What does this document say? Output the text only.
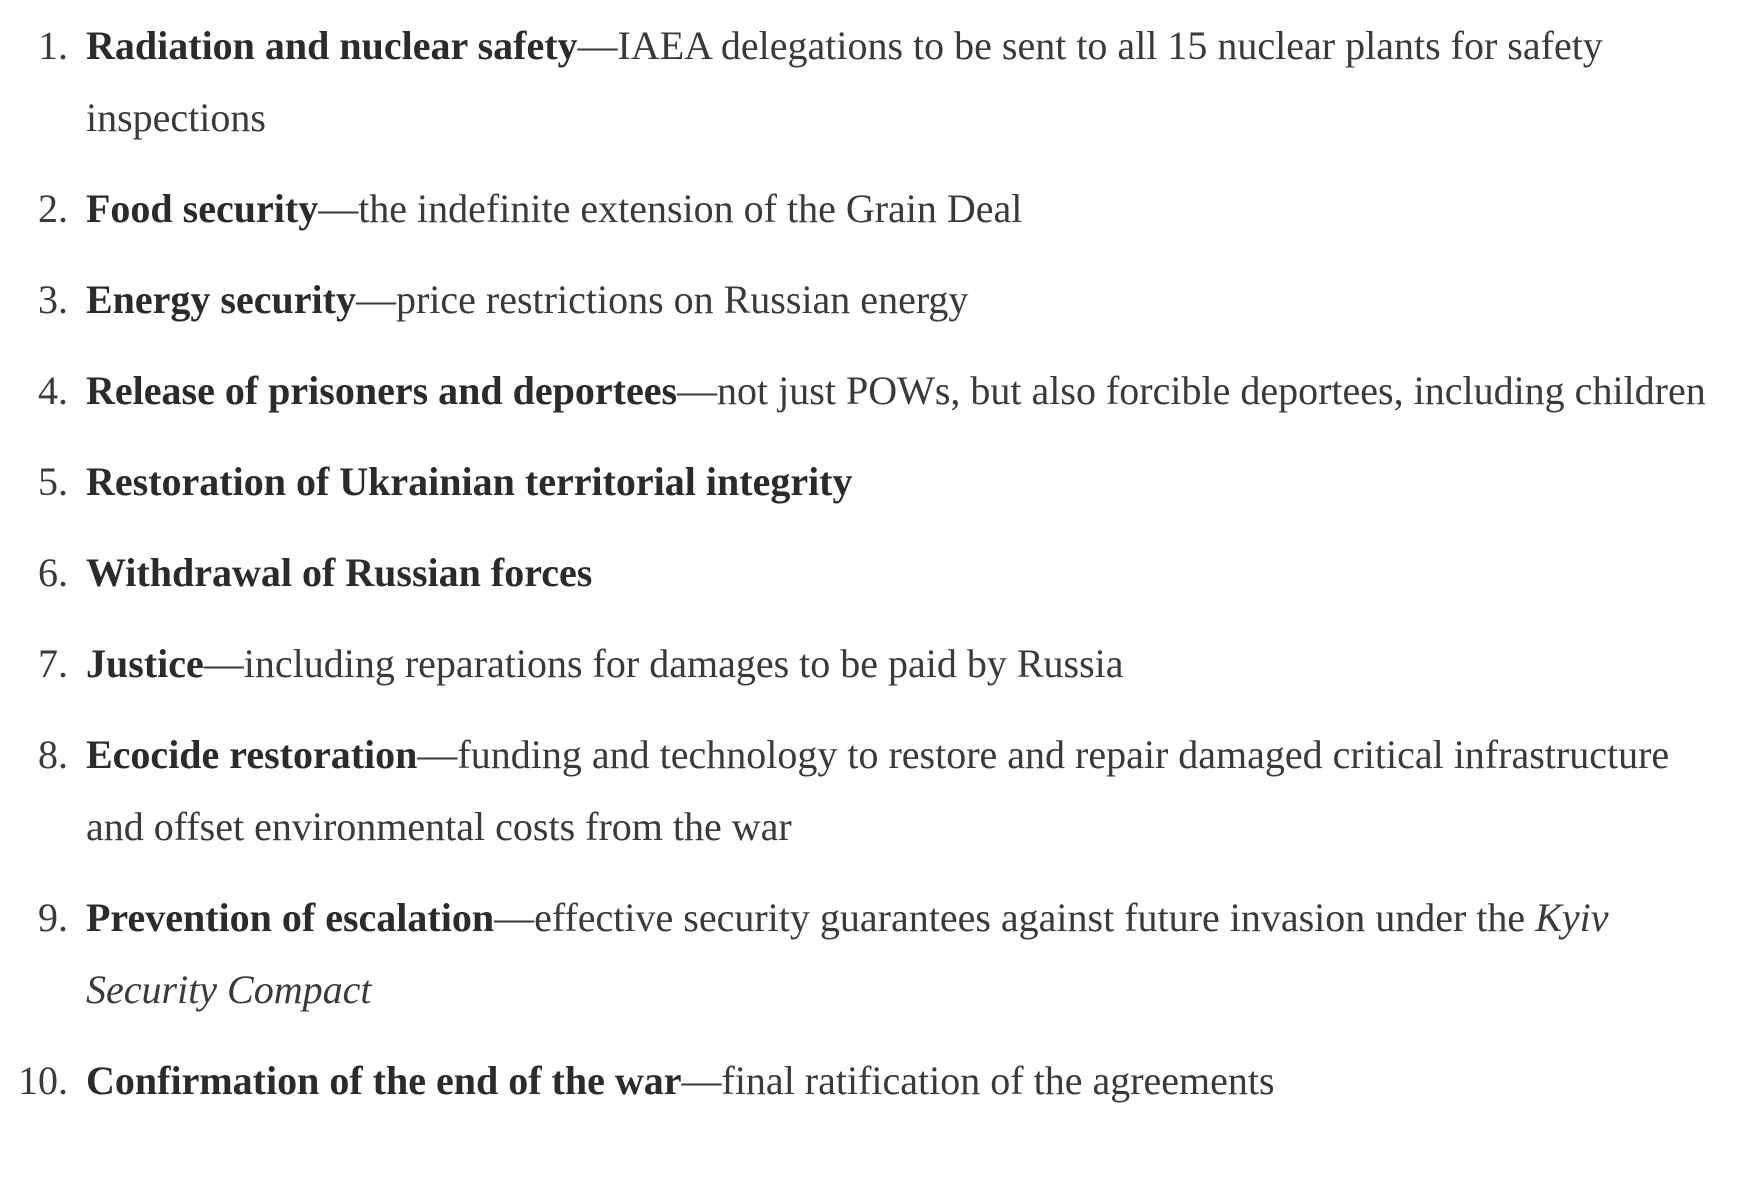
1. Radiation and nuclear safety—IAEA delegations to be sent to all 15 nuclear plants for safety inspections
2. Food security—the indefinite extension of the Grain Deal
3. Energy security—price restrictions on Russian energy
4. Release of prisoners and deportees—not just POWs, but also forcible deportees, including children
5. Restoration of Ukrainian territorial integrity
6. Withdrawal of Russian forces
7. Justice—including reparations for damages to be paid by Russia
8. Ecocide restoration—funding and technology to restore and repair damaged critical infrastructure and offset environmental costs from the war
9. Prevention of escalation—effective security guarantees against future invasion under the Kyiv Security Compact
10. Confirmation of the end of the war—final ratification of the agreements
